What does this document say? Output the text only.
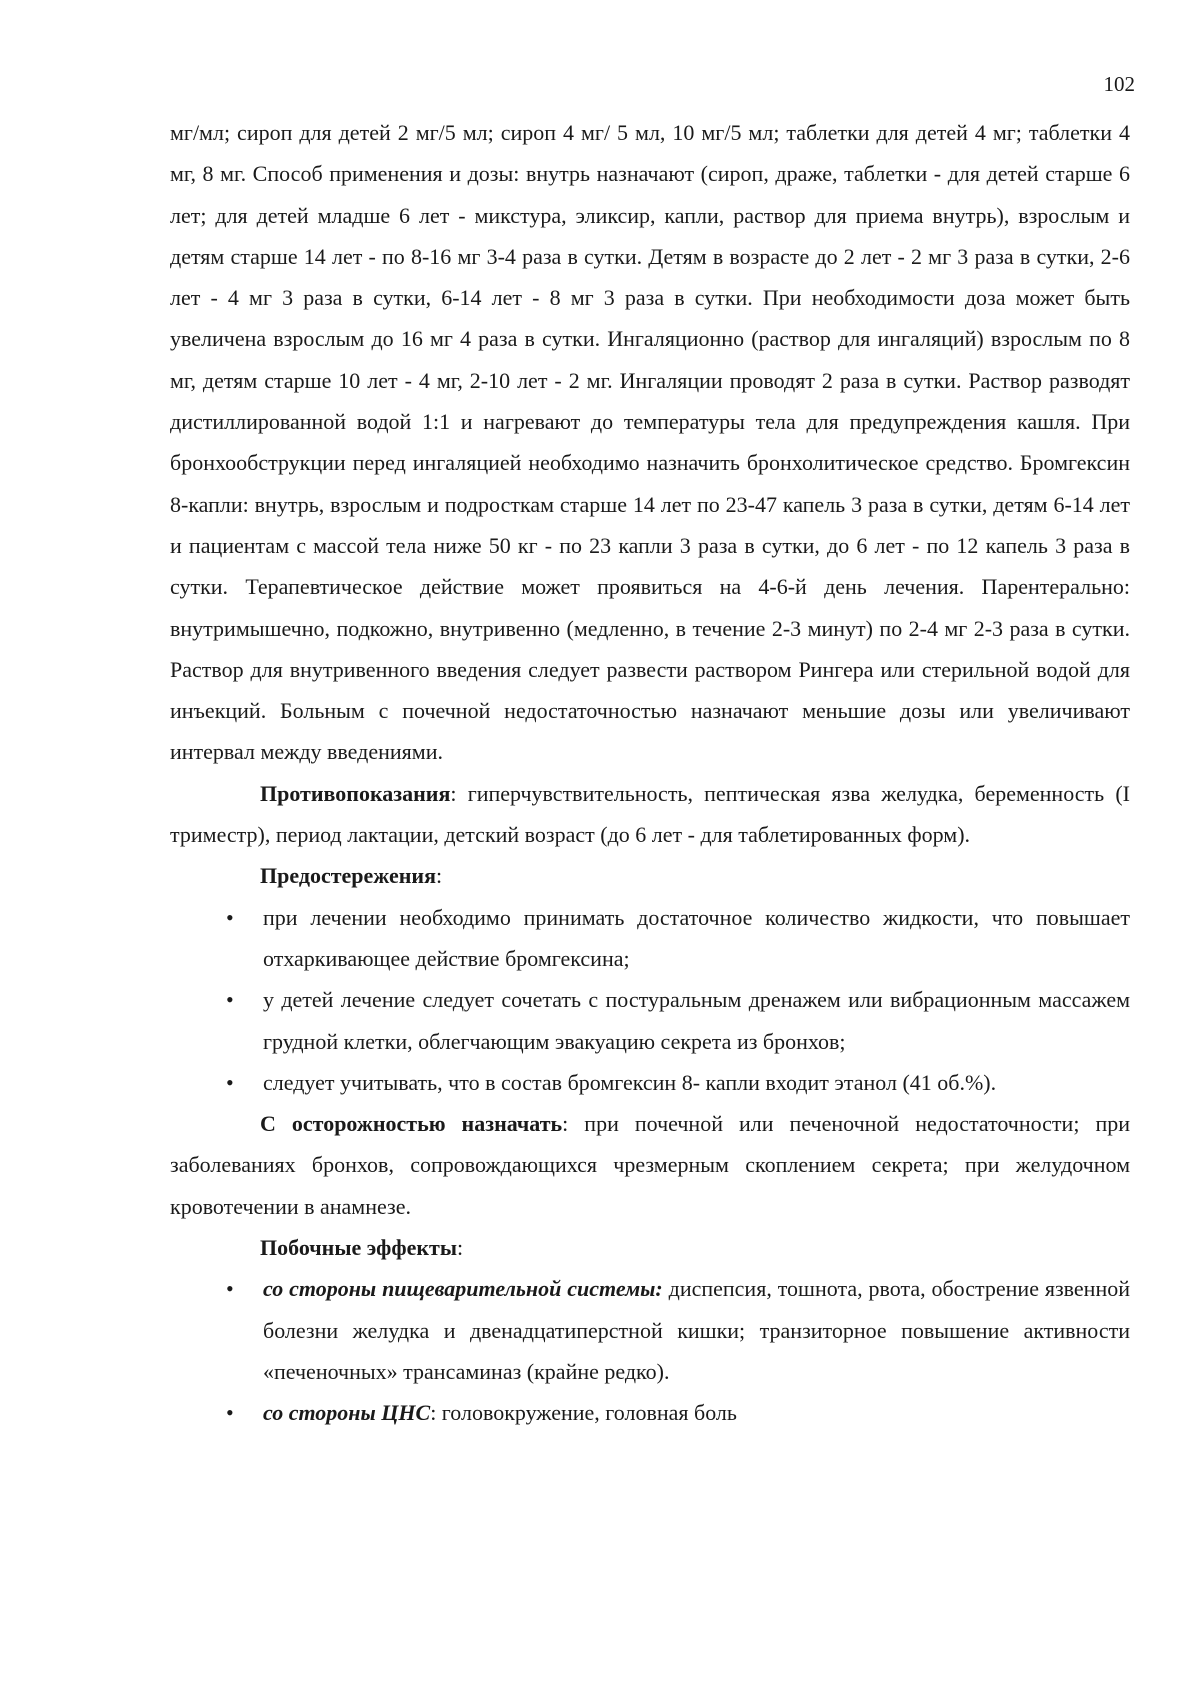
102

мг/мл; сироп для детей 2 мг/5 мл; сироп 4 мг/ 5 мл, 10 мг/5 мл; таблетки для детей 4 мг; таблетки 4 мг, 8 мг. Способ применения и дозы: внутрь назначают (сироп, драже, таблетки - для детей старше 6 лет; для детей младше 6 лет - микстура, эликсир, капли, раствор для приема внутрь), взрослым и детям старше 14 лет - по 8-16 мг 3-4 раза в сутки. Детям в возрасте до 2 лет - 2 мг 3 раза в сутки, 2-6 лет - 4 мг 3 раза в сутки, 6-14 лет - 8 мг 3 раза в сутки. При необходимости доза может быть увеличена взрослым до 16 мг 4 раза в сутки. Ингаляционно (раствор для ингаляций) взрослым по 8 мг, детям старше 10 лет - 4 мг, 2-10 лет - 2 мг. Ингаляции проводят 2 раза в сутки. Раствор разводят дистиллированной водой 1:1 и нагревают до температуры тела для предупреждения кашля. При бронхообструкции перед ингаляцией необходимо назначить бронхолитическое средство. Бромгексин 8-капли: внутрь, взрослым и подросткам старше 14 лет по 23-47 капель 3 раза в сутки, детям 6-14 лет и пациентам с массой тела ниже 50 кг - по 23 капли 3 раза в сутки, до 6 лет - по 12 капель 3 раза в сутки. Терапевтическое действие может проявиться на 4-6-й день лечения. Парентерально: внутримышечно, подкожно, внутривенно (медленно, в течение 2-3 минут) по 2-4 мг 2-3 раза в сутки. Раствор для внутривенного введения следует развести раствором Рингера или стерильной водой для инъекций. Больным с почечной недостаточностью назначают меньшие дозы или увеличивают интервал между введениями.

Противопоказания: гиперчувствительность, пептическая язва желудка, беременность (I триместр), период лактации, детский возраст (до 6 лет - для таблетированных форм).

Предостережения:

• при лечении необходимо принимать достаточное количество жидкости, что повышает отхаркивающее действие бромгексина;
• у детей лечение следует сочетать с постуральным дренажем или вибрационным массажем грудной клетки, облегчающим эвакуацию секрета из бронхов;
• следует учитывать, что в состав бромгексин 8- капли входит этанол (41 об.%).

С осторожностью назначать: при почечной или печеночной недостаточности; при заболеваниях бронхов, сопровождающихся чрезмерным скоплением секрета; при желудочном кровотечении в анамнезе.

Побочные эффекты:

• со стороны пищеварительной системы: диспепсия, тошнота, рвота, обострение язвенной болезни желудка и двенадцатиперстной кишки; транзиторное повышение активности «печеночных» трансаминаз (крайне редко).
• со стороны ЦНС: головокружение, головная боль
